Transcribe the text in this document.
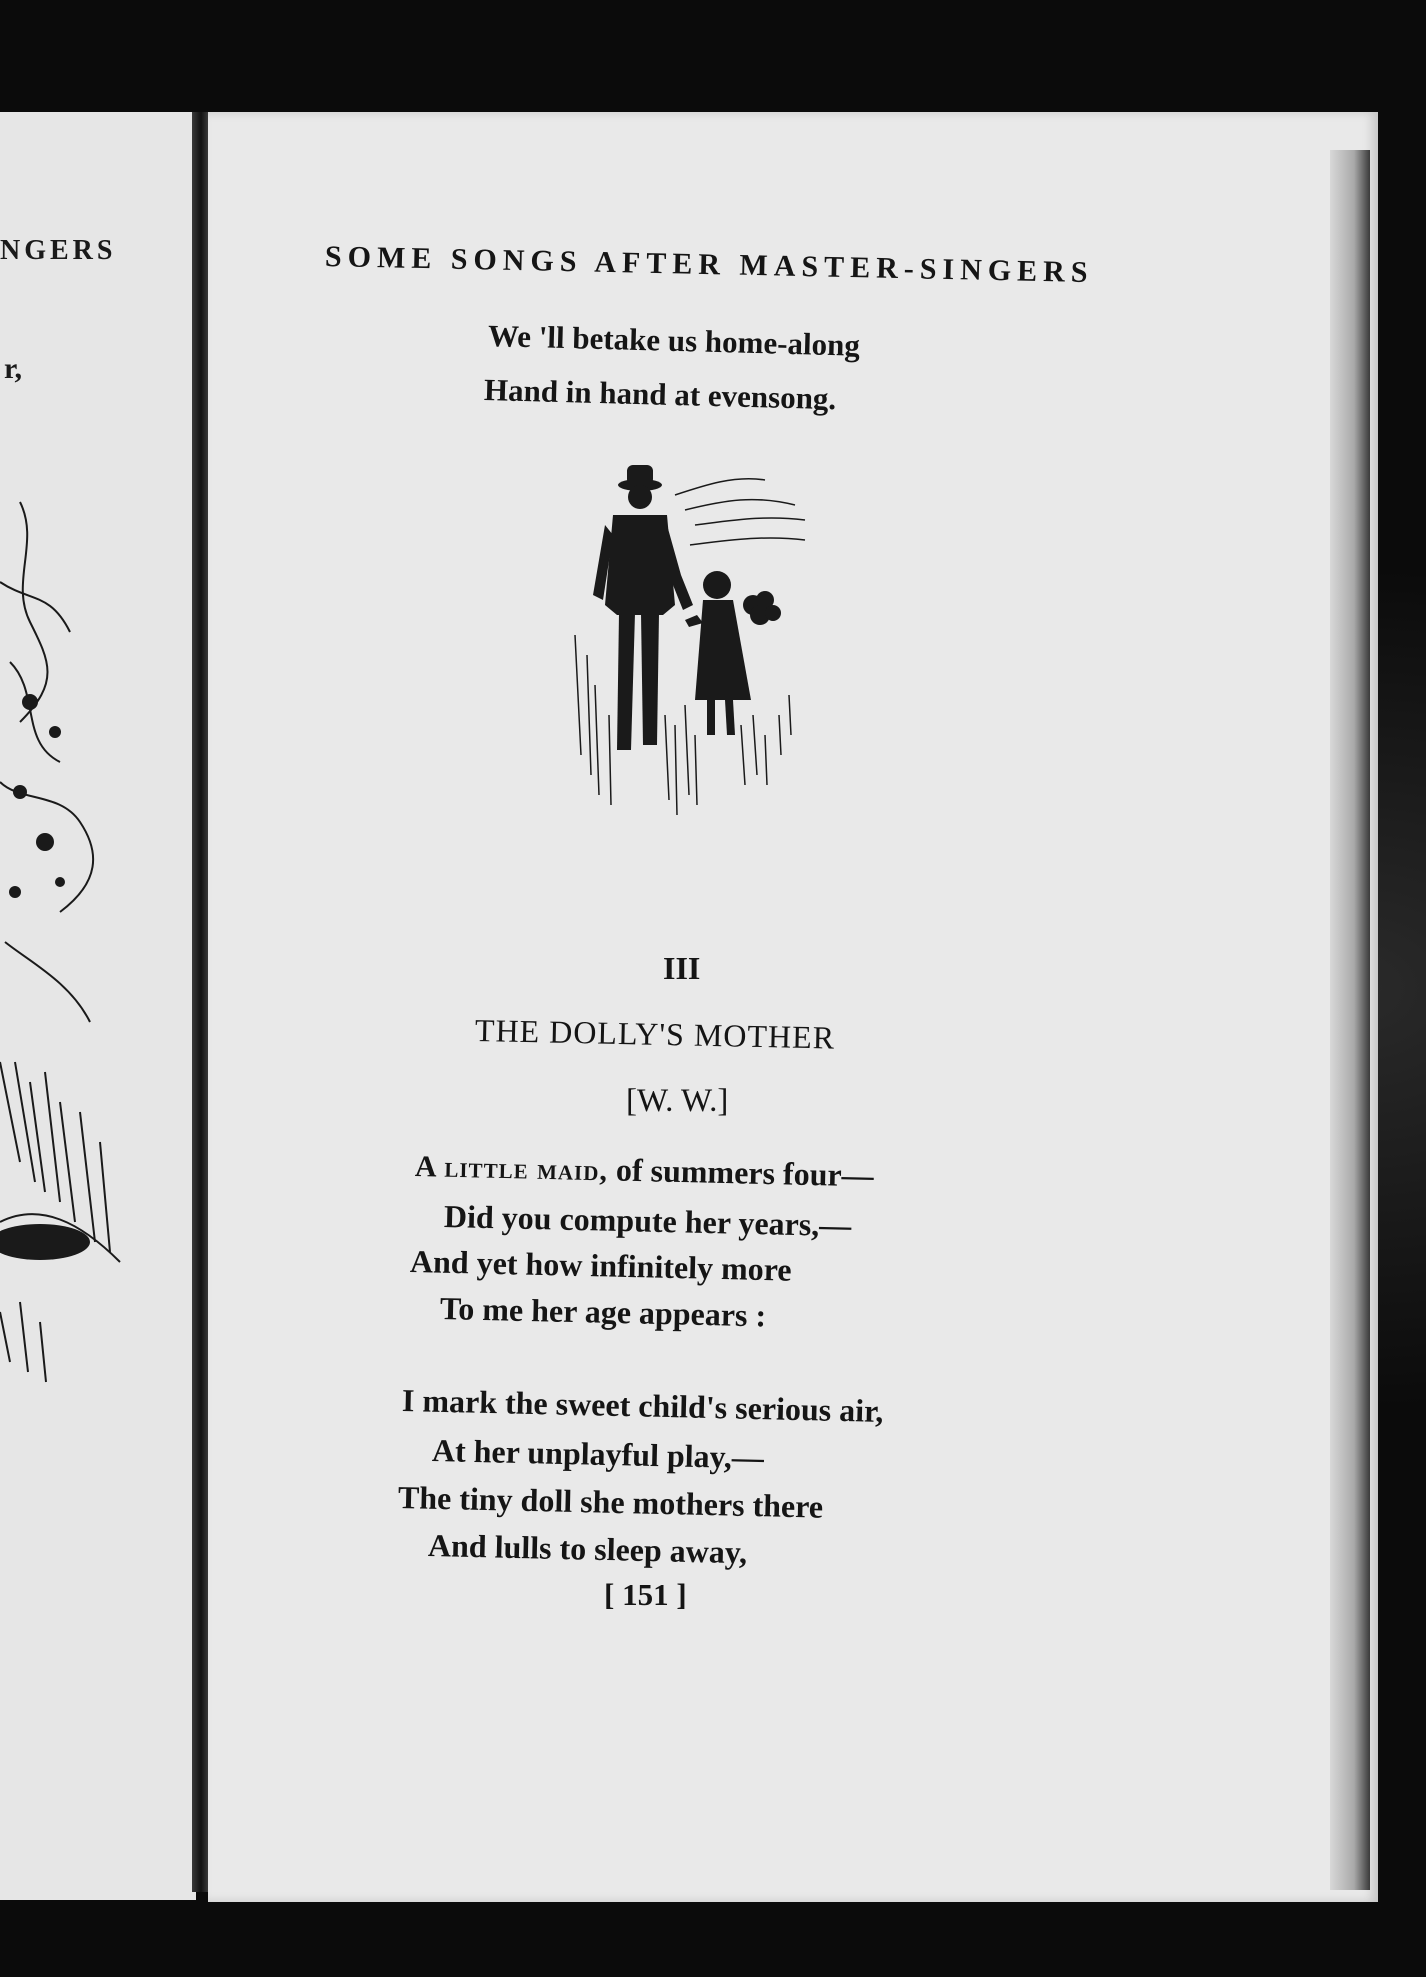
NGERS
r,
SOME SONGS AFTER MASTER-SINGERS
We 'll betake us home-along
Hand in hand at evensong.
III
THE DOLLY'S MOTHER
[W. W.]
A little maid, of summers four—
Did you compute her years,—
And yet how infinitely more
To me her age appears :
I mark the sweet child's serious air,
At her unplayful play,—
The tiny doll she mothers there
And lulls to sleep away,
[ 151 ]
